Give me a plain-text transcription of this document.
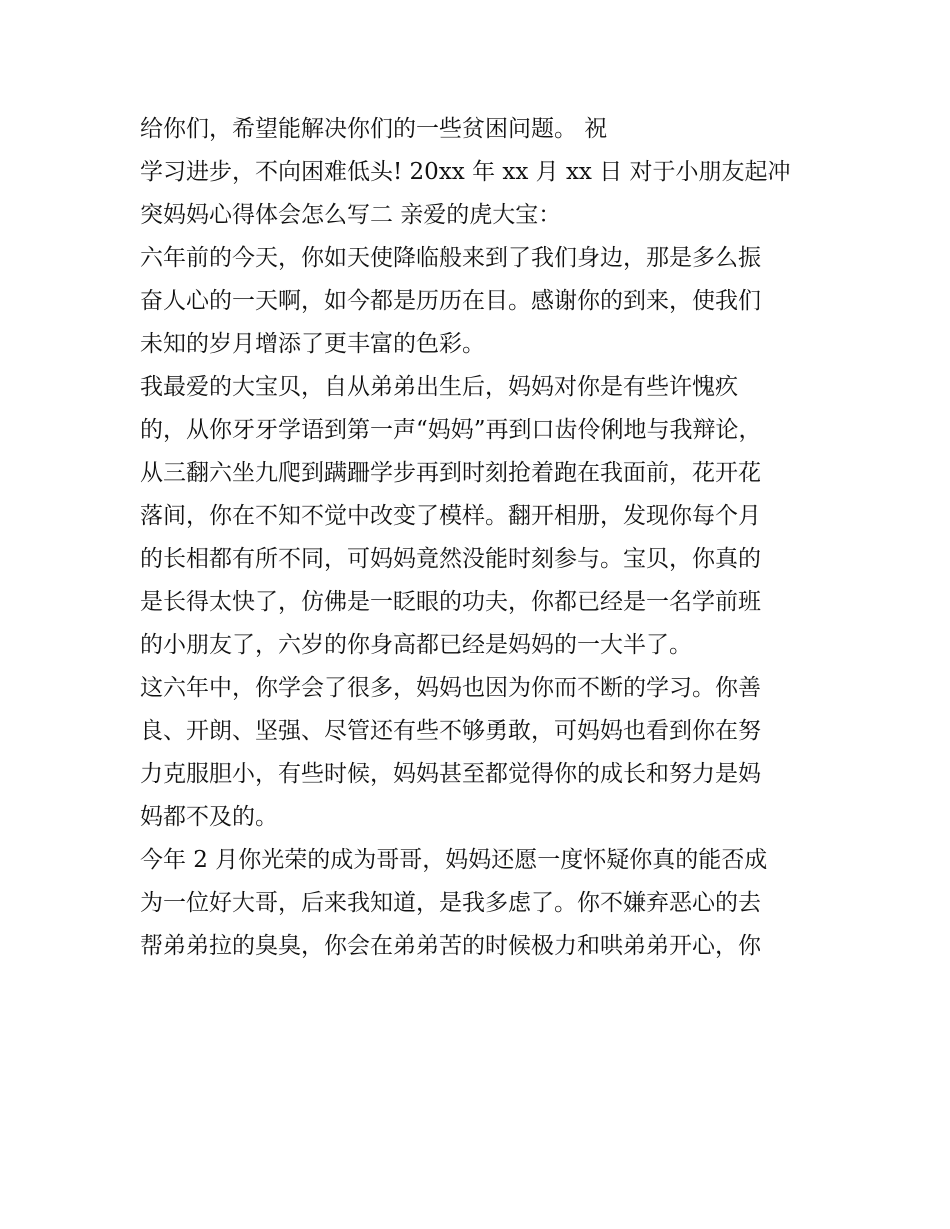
给你们，希望能解决你们的一些贫困问题。 祝

学习进步，不向困难低头! 20xx 年 xx 月 xx 日 对于小朋友起冲

突妈妈心得体会怎么写二 亲爱的虎大宝：

六年前的今天，你如天使降临般来到了我们身边，那是多么振

奋人心的一天啊，如今都是历历在目。感谢你的到来，使我们

未知的岁月增添了更丰富的色彩。

我最爱的大宝贝，自从弟弟出生后，妈妈对你是有些许愧疚

的，从你牙牙学语到第一声“妈妈”再到口齿伶俐地与我辩论，

从三翻六坐九爬到蹒跚学步再到时刻抢着跑在我面前，花开花

落间，你在不知不觉中改变了模样。翻开相册，发现你每个月

的长相都有所不同，可妈妈竟然没能时刻参与。宝贝，你真的

是长得太快了，仿佛是一眨眼的功夫，你都已经是一名学前班

的小朋友了，六岁的你身高都已经是妈妈的一大半了。

这六年中，你学会了很多，妈妈也因为你而不断的学习。你善

良、开朗、坚强、尽管还有些不够勇敢，可妈妈也看到你在努

力克服胆小，有些时候，妈妈甚至都觉得你的成长和努力是妈

妈都不及的。

今年 2 月你光荣的成为哥哥，妈妈还愿一度怀疑你真的能否成

为一位好大哥，后来我知道，是我多虑了。你不嫌弃恶心的去

帮弟弟拉的臭臭，你会在弟弟苦的时候极力和哄弟弟开心，你
